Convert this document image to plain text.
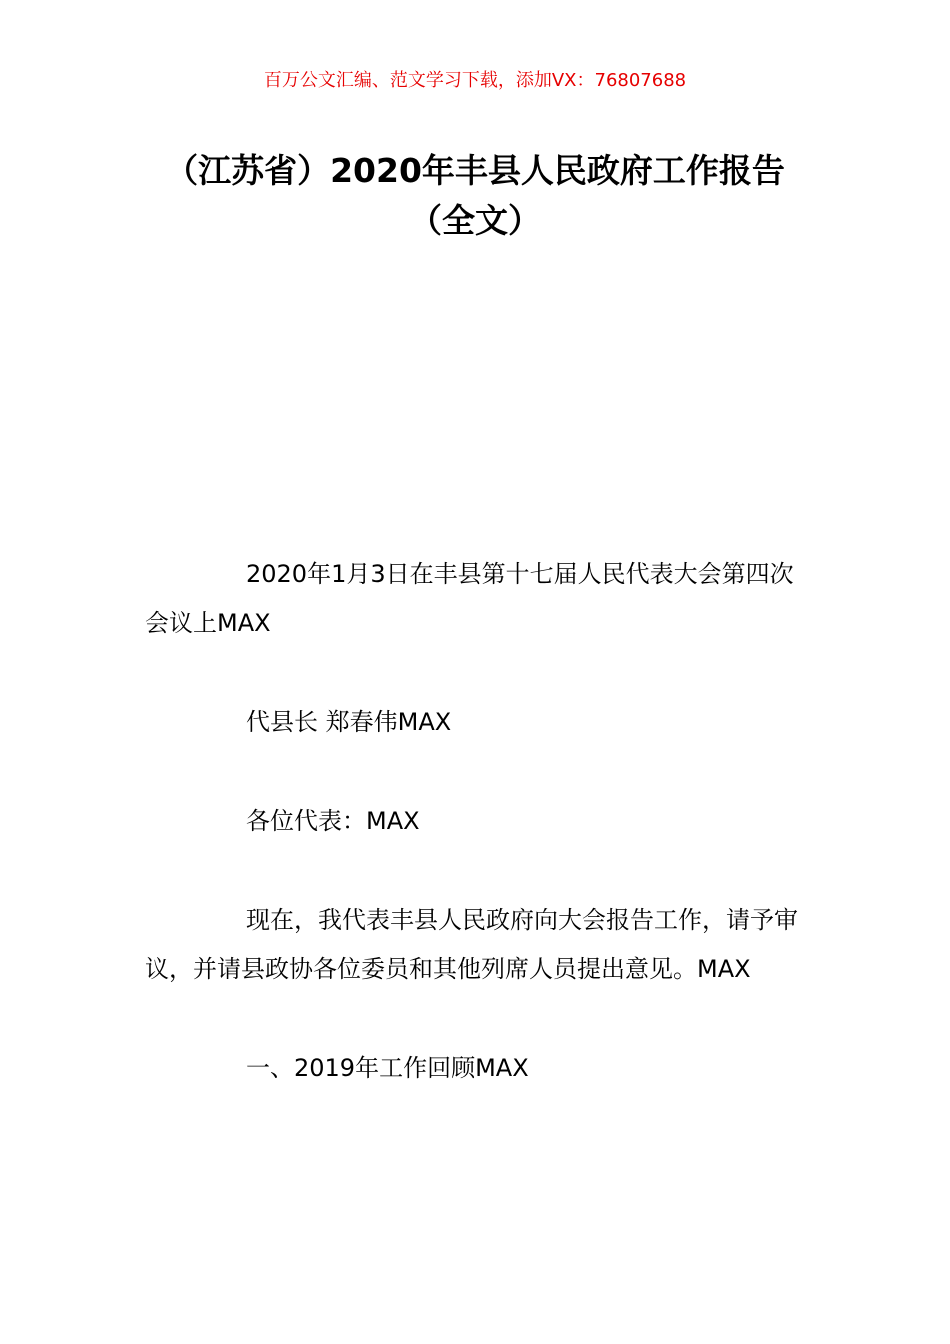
百万公文汇编、范文学习下载，添加VX：76807688
（江苏省）2020年丰县人民政府工作报告
（全文）

2020年1月3日在丰县第十七届人民代表大会第四次会议上MAX

代县长 郑春伟MAX

各位代表：MAX

现在，我代表丰县人民政府向大会报告工作，请予审议，并请县政协各位委员和其他列席人员提出意见。MAX

一、2019年工作回顾MAX
